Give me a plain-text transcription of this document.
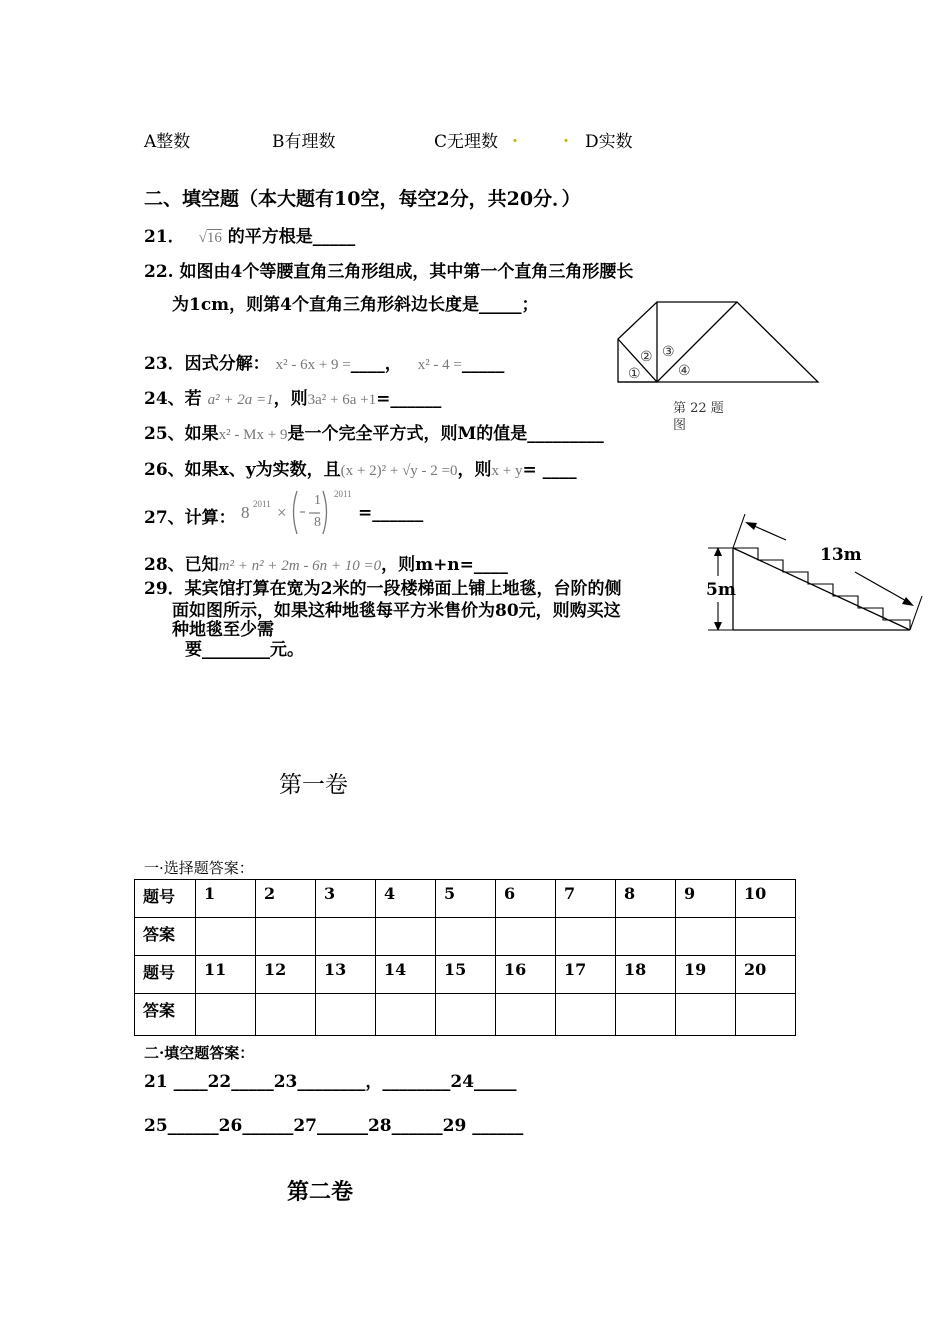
A整数	B有理数	C无理数 .	. D实数
二、填空题（本大题有10空，每空2分，共20分．）
21． √16 的平方根是_____
22. 如图由4个等腰直角三角形组成，其中第一个直角三角形腰长
为1cm，则第4个直角三角形斜边长度是_____；
①
② ③
④
第 22 题
图
23．因式分解： x² - 6x + 9 =____， x² - 4 =_____
24、若 a² + 2a =1，则3a² + 6a +1=______
25、如果x² - Mx + 9是一个完全平方式，则M的值是_________
26、如果x、y为实数，且(x + 2)² + √y - 2 =0，则x + y= ____
27、计算： 8 2011 ×
1
8
2011
=______
28、已知m² + n² + 2m - 6n + 10 =0，则m+n=____
29．某宾馆打算在宽为2米的一段楼梯面上铺上地毯，台阶的侧
面如图所示，如果这种地毯每平方米售价为80元，则购买这
种地毯至少需
要________元。
13m
5m
第一卷
一·选择题答案：
题号	1	2	3	4	5	6	7	8	9	10
答案										
题号	11	12	13	14	15	16	17	18	19	20
答案										
二·填空题答案：
21 ____22_____23________，________24_____
25______26______27______28______29 ______
第二卷
